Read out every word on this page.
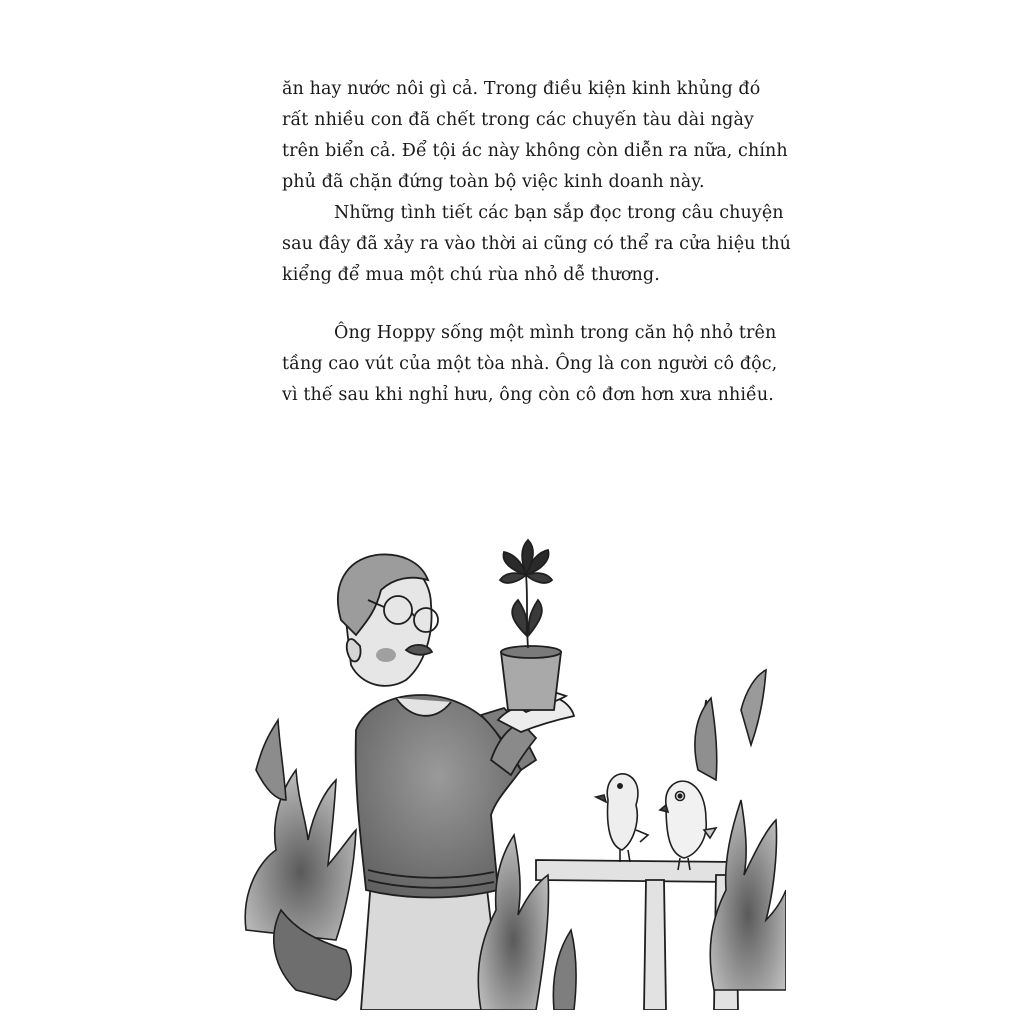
ăn hay nước nôi gì cả. Trong điều kiện kinh khủng đó
rất nhiều con đã chết trong các chuyến tàu dài ngày
trên biển cả. Để tội ác này không còn diễn ra nữa, chính
phủ đã chặn đứng toàn bộ việc kinh doanh này.
Những tình tiết các bạn sắp đọc trong câu chuyện
sau đây đã xảy ra vào thời ai cũng có thể ra cửa hiệu thú
kiểng để mua một chú rùa nhỏ dễ thương.
Ông Hoppy sống một mình trong căn hộ nhỏ trên
tầng cao vút của một tòa nhà. Ông là con người cô độc,
vì thế sau khi nghỉ hưu, ông còn cô đơn hơn xưa nhiều.
